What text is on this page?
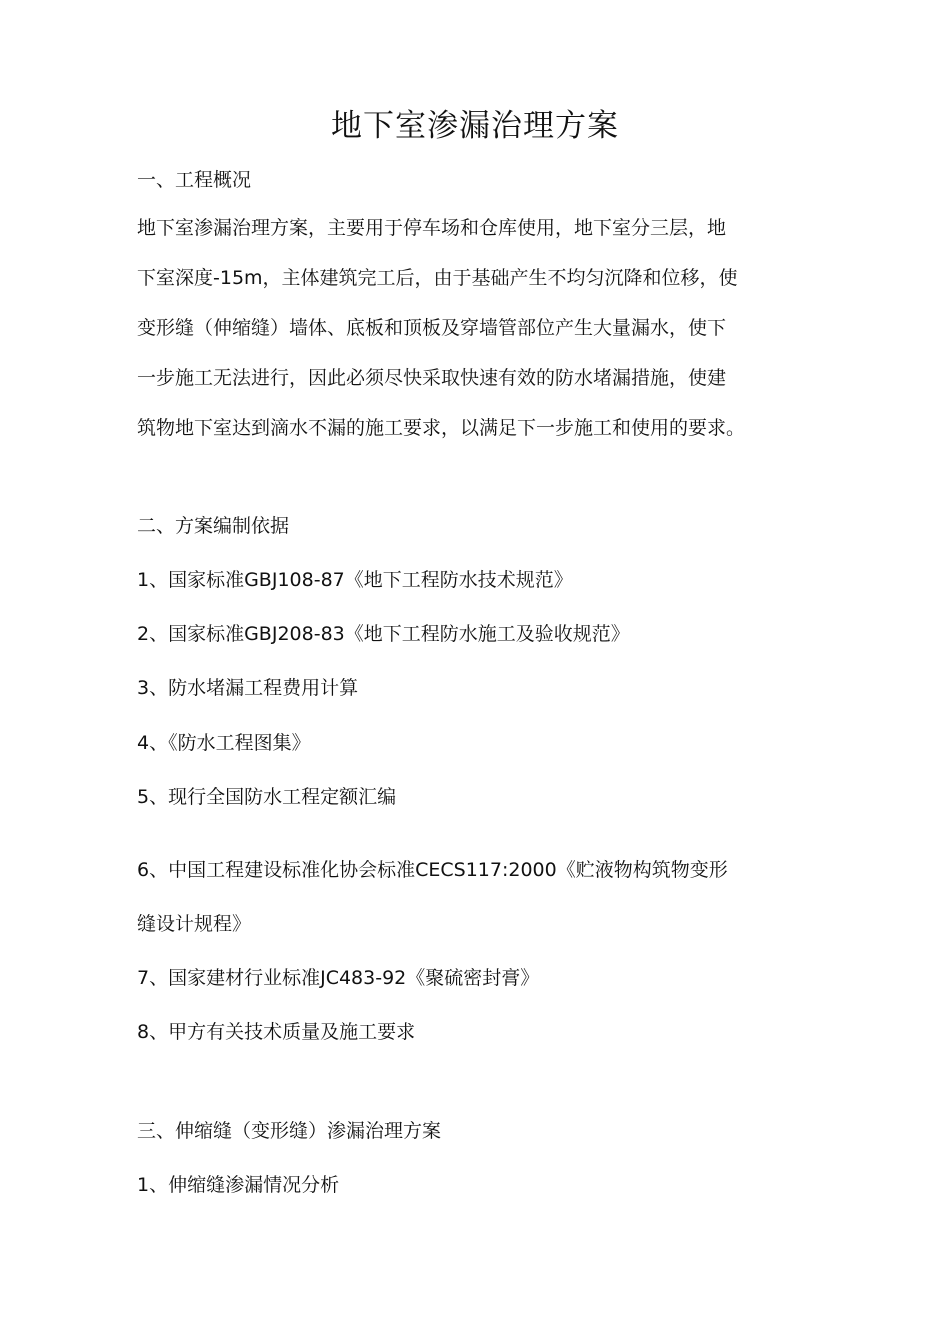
地下室渗漏治理方案
一、工程概况
地下室渗漏治理方案，主要用于停车场和仓库使用，地下室分三层，地
下室深度-15m，主体建筑完工后，由于基础产生不均匀沉降和位移，使
变形缝（伸缩缝）墙体、底板和顶板及穿墙管部位产生大量漏水，使下
一步施工无法进行，因此必须尽快采取快速有效的防水堵漏措施，使建
筑物地下室达到滴水不漏的施工要求，以满足下一步施工和使用的要求。
二、方案编制依据
1、国家标准GBJ108-87《地下工程防水技术规范》
2、国家标准GBJ208-83《地下工程防水施工及验收规范》
3、防水堵漏工程费用计算
4、《防水工程图集》
5、现行全国防水工程定额汇编
6、中国工程建设标准化协会标准CECS117:2000《贮液物构筑物变形
缝设计规程》
7、国家建材行业标准JC483-92《聚硫密封膏》
8、甲方有关技术质量及施工要求
三、伸缩缝（变形缝）渗漏治理方案
1、伸缩缝渗漏情况分析
